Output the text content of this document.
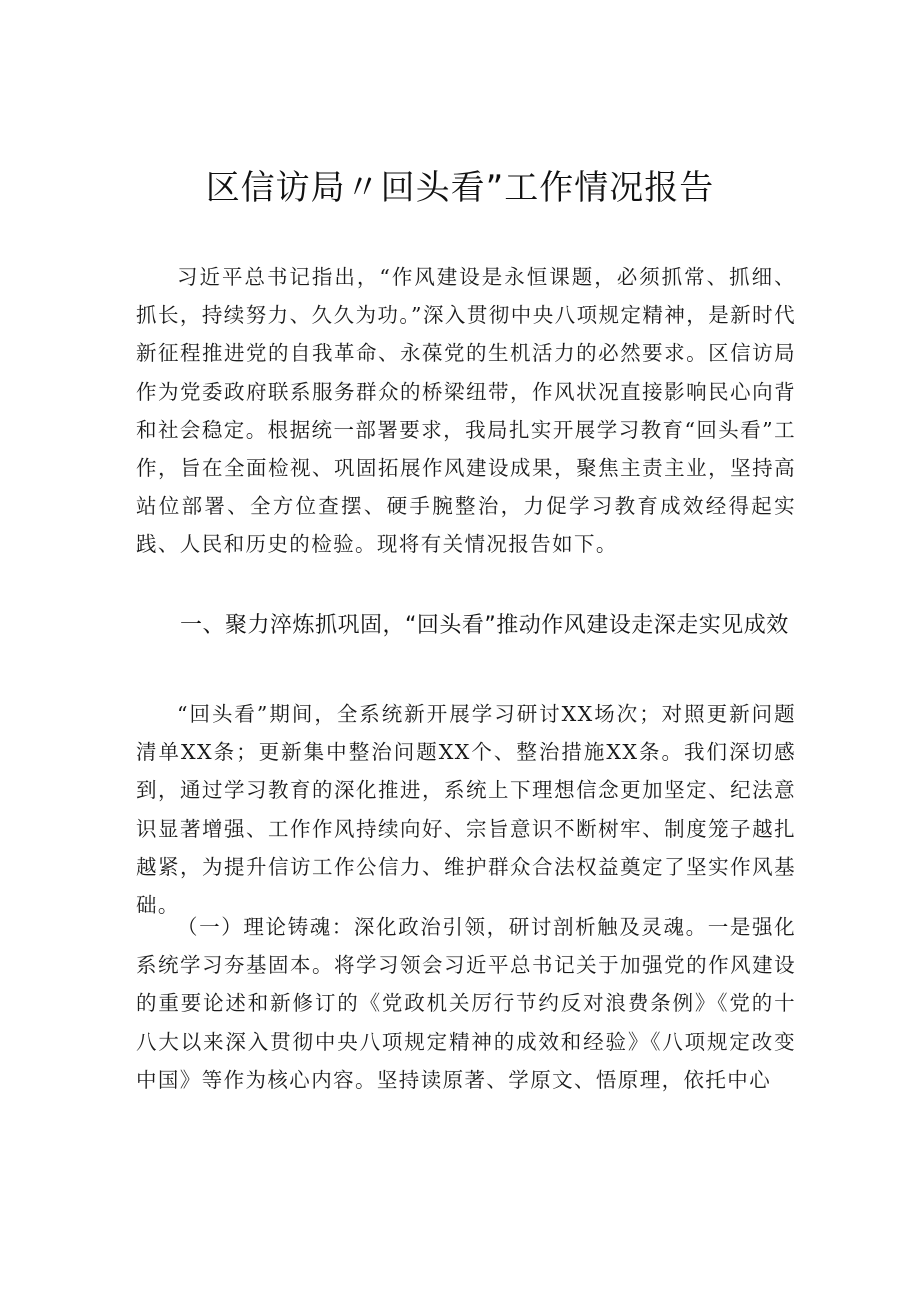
区信访局〃回头看”工作情况报告

习近平总书记指出，“作风建设是永恒课题，必须抓常、抓细、抓长，持续努力、久久为功。”深入贯彻中央八项规定精神，是新时代新征程推进党的自我革命、永葆党的生机活力的必然要求。区信访局作为党委政府联系服务群众的桥梁纽带，作风状况直接影响民心向背和社会稳定。根据统一部署要求，我局扎实开展学习教育“回头看”工作，旨在全面检视、巩固拓展作风建设成果，聚焦主责主业，坚持高站位部署、全方位查摆、硬手腕整治，力促学习教育成效经得起实践、人民和历史的检验。现将有关情况报告如下。

一、聚力淬炼抓巩固，“回头看”推动作风建设走深走实见成效

“回头看”期间，全系统新开展学习研讨XX场次；对照更新问题清单XX条；更新集中整治问题XX个、整治措施XX条。我们深切感到，通过学习教育的深化推进，系统上下理想信念更加坚定、纪法意识显著增强、工作作风持续向好、宗旨意识不断树牢、制度笼子越扎越紧，为提升信访工作公信力、维护群众合法权益奠定了坚实作风基础。

（一）理论铸魂：深化政治引领，研讨剖析触及灵魂。一是强化系统学习夯基固本。将学习领会习近平总书记关于加强党的作风建设的重要论述和新修订的《党政机关厉行节约反对浪费条例》《党的十八大以来深入贯彻中央八项规定精神的成效和经验》《八项规定改变中国》等作为核心内容。坚持读原著、学原文、悟原理，依托中心
